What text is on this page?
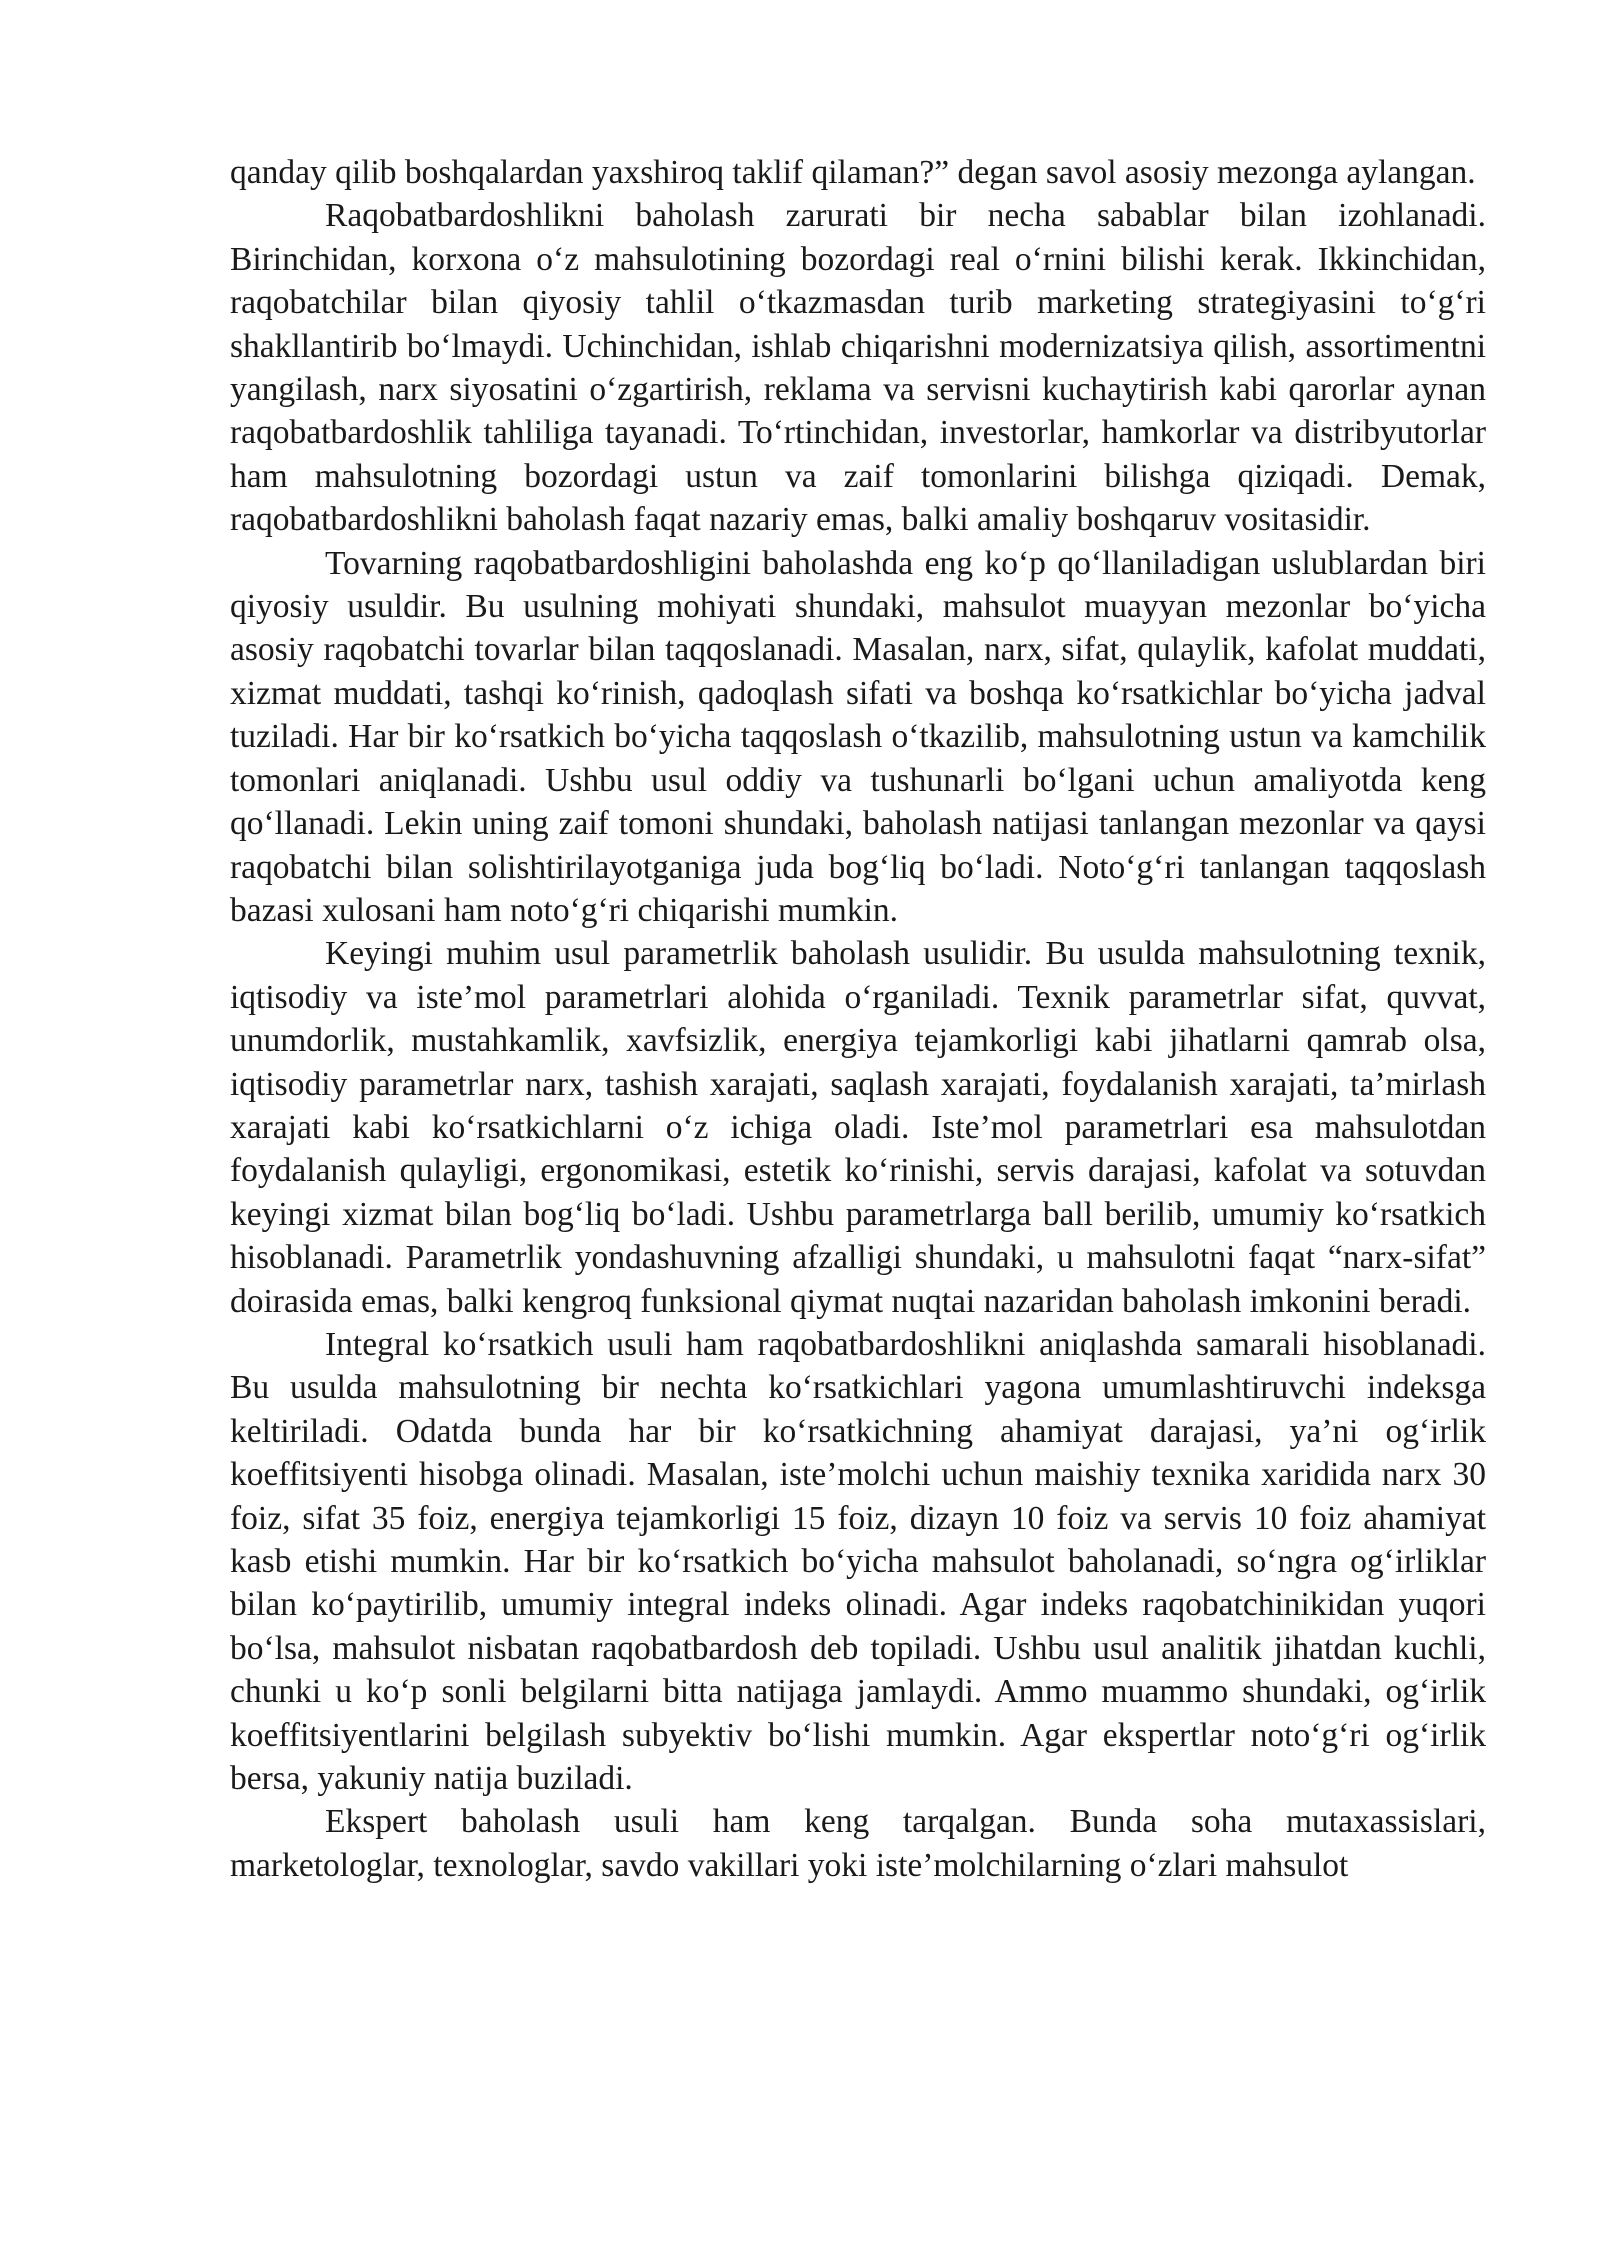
qanday qilib boshqalardan yaxshiroq taklif qilaman?” degan savol asosiy mezonga aylangan.

Raqobatbardoshlikni baholash zarurati bir necha sabablar bilan izohlanadi. Birinchidan, korxona o‘z mahsulotining bozordagi real o‘rnini bilishi kerak. Ikkinchidan, raqobatchilar bilan qiyosiy tahlil o‘tkazmasdan turib marketing strategiyasini to‘g‘ri shakllantirib bo‘lmaydi. Uchinchidan, ishlab chiqarishni modernizatsiya qilish, assortimentni yangilash, narx siyosatini o‘zgartirish, reklama va servisni kuchaytirish kabi qarorlar aynan raqobatbardoshlik tahliliga tayanadi. To‘rtinchidan, investorlar, hamkorlar va distribyutorlar ham mahsulotning bozordagi ustun va zaif tomonlarini bilishga qiziqadi. Demak, raqobatbardoshlikni baholash faqat nazariy emas, balki amaliy boshqaruv vositasidir.

Tovarning raqobatbardoshligini baholashda eng ko‘p qo‘llaniladigan uslublardan biri qiyosiy usuldir. Bu usulning mohiyati shundaki, mahsulot muayyan mezonlar bo‘yicha asosiy raqobatchi tovarlar bilan taqqoslanadi. Masalan, narx, sifat, qulaylik, kafolat muddati, xizmat muddati, tashqi ko‘rinish, qadoqlash sifati va boshqa ko‘rsatkichlar bo‘yicha jadval tuziladi. Har bir ko‘rsatkich bo‘yicha taqqoslash o‘tkazilib, mahsulotning ustun va kamchilik tomonlari aniqlanadi. Ushbu usul oddiy va tushunarli bo‘lgani uchun amaliyotda keng qo‘llanadi. Lekin uning zaif tomoni shundaki, baholash natijasi tanlangan mezonlar va qaysi raqobatchi bilan solishtirilayotganiga juda bog‘liq bo‘ladi. Noto‘g‘ri tanlangan taqqoslash bazasi xulosani ham noto‘g‘ri chiqarishi mumkin.

Keyingi muhim usul parametrlik baholash usulidir. Bu usulda mahsulotning texnik, iqtisodiy va iste’mol parametrlari alohida o‘rganiladi. Texnik parametrlar sifat, quvvat, unumdorlik, mustahkamlik, xavfsizlik, energiya tejamkorligi kabi jihatlarni qamrab olsa, iqtisodiy parametrlar narx, tashish xarajati, saqlash xarajati, foydalanish xarajati, ta’mirlash xarajati kabi ko‘rsatkichlarni o‘z ichiga oladi. Iste’mol parametrlari esa mahsulotdan foydalanish qulayligi, ergonomikasi, estetik ko‘rinishi, servis darajasi, kafolat va sotuvdan keyingi xizmat bilan bog‘liq bo‘ladi. Ushbu parametrlarga ball berilib, umumiy ko‘rsatkich hisoblanadi. Parametrlik yondashuvning afzalligi shundaki, u mahsulotni faqat “narx-sifat” doirasida emas, balki kengroq funksional qiymat nuqtai nazaridan baholash imkonini beradi.

Integral ko‘rsatkich usuli ham raqobatbardoshlikni aniqlashda samarali hisoblanadi. Bu usulda mahsulotning bir nechta ko‘rsatkichlari yagona umumlashtiruvchi indeksga keltiriladi. Odatda bunda har bir ko‘rsatkichning ahamiyat darajasi, ya’ni og‘irlik koeffitsiyenti hisobga olinadi. Masalan, iste’molchi uchun maishiy texnika xaridida narx 30 foiz, sifat 35 foiz, energiya tejamkorligi 15 foiz, dizayn 10 foiz va servis 10 foiz ahamiyat kasb etishi mumkin. Har bir ko‘rsatkich bo‘yicha mahsulot baholanadi, so‘ngra og‘irliklar bilan ko‘paytirilib, umumiy integral indeks olinadi. Agar indeks raqobatchinikidan yuqori bo‘lsa, mahsulot nisbatan raqobatbardosh deb topiladi. Ushbu usul analitik jihatdan kuchli, chunki u ko‘p sonli belgilarni bitta natijaga jamlaydi. Ammo muammo shundaki, og‘irlik koeffitsiyentlarini belgilash subyektiv bo‘lishi mumkin. Agar ekspertlar noto‘g‘ri og‘irlik bersa, yakuniy natija buziladi.

Ekspert baholash usuli ham keng tarqalgan. Bunda soha mutaxassislari, marketologlar, texnologlar, savdo vakillari yoki iste’molchilarning o‘zlari mahsulot
